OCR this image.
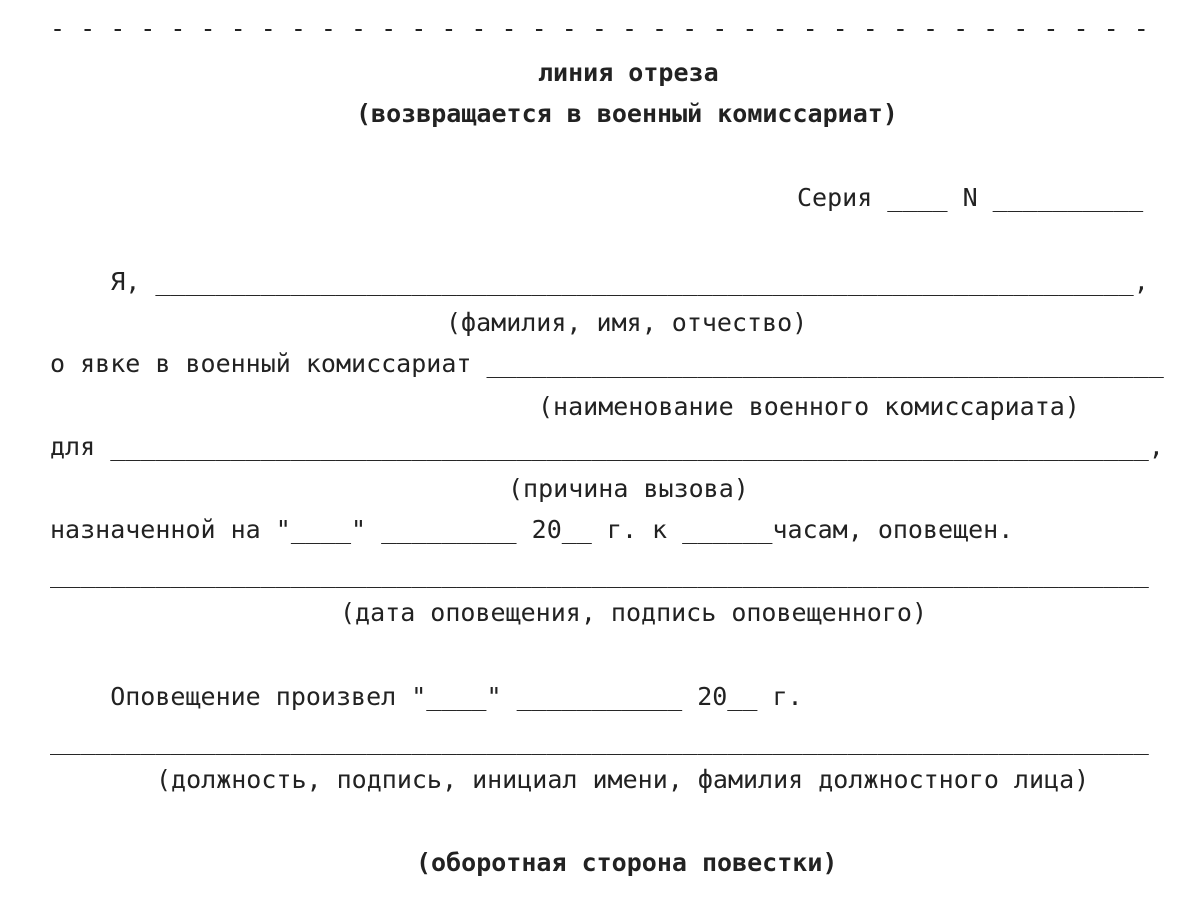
- - - - - - - - - - - - - - - - - - - - - - - - - - - - - - - - - - - - -
линия отреза
(возвращается в военный комиссариат)
Серия ____ N __________
Я, _________________________________________________________________,
(фамилия, имя, отчество)
о явке в военный комиссариат _____________________________________________
(наименование военного комиссариата)
для _____________________________________________________________________,
(причина вызова)
назначенной на "____" _________ 20__ г. к ______часам, оповещен.
_________________________________________________________________________
(дата оповещения, подпись оповещенного)
Оповещение произвел "____" ___________ 20__ г.
_________________________________________________________________________
(должность, подпись, инициал имени, фамилия должностного лица)
(оборотная сторона повестки)
